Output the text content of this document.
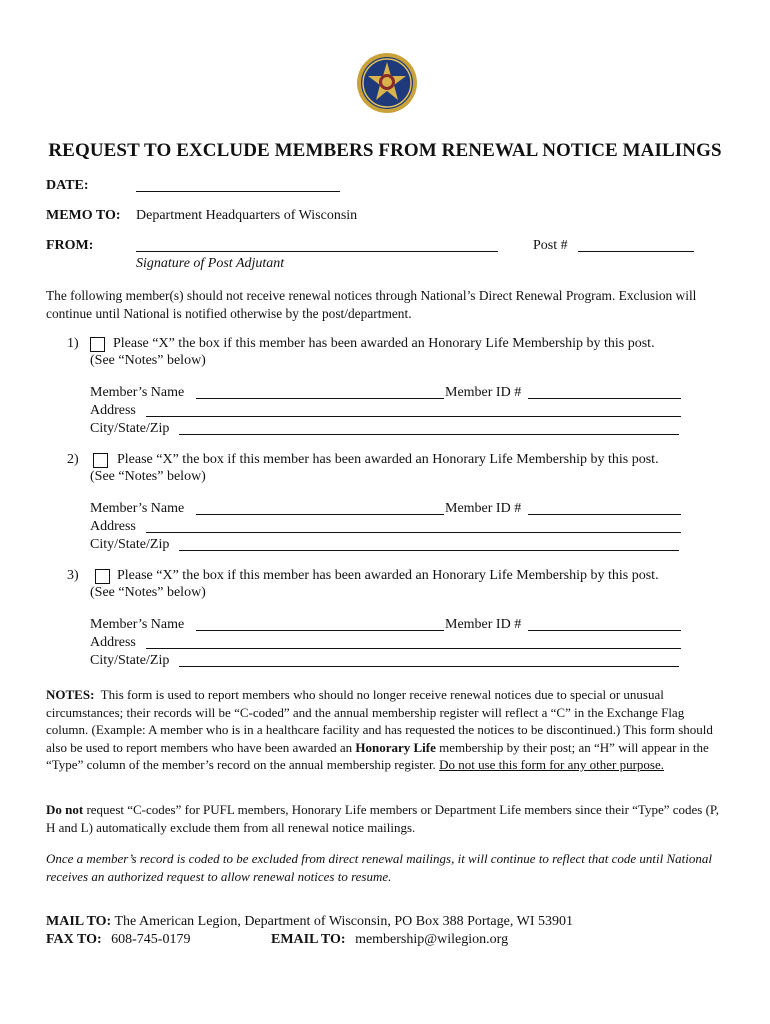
REQUEST TO EXCLUDE MEMBERS FROM RENEWAL NOTICE MAILINGS
DATE:
MEMO TO: Department Headquarters of Wisconsin
FROM:	Post #
Signature of Post Adjutant
The following member(s) should not receive renewal notices through National’s Direct Renewal Program. Exclusion will continue until National is notified otherwise by the post/department.
1) Please “X” the box if this member has been awarded an Honorary Life Membership by this post.
(See “Notes” below)
Member’s Name	Member ID #
Address
City/State/Zip
2)	Please “X” the box if this member has been awarded an Honorary Life Membership by this post.
(See “Notes” below)
Member’s Name	Member ID #
Address
City/State/Zip
3)	Please “X” the box if this member has been awarded an Honorary Life Membership by this post.
(See “Notes” below)
Member’s Name	Member ID #
Address
City/State/Zip
NOTES: This form is used to report members who should no longer receive renewal notices due to special or unusual circumstances; their records will be “C-coded” and the annual membership register will reflect a “C” in the Exchange Flag column. (Example: A member who is in a healthcare facility and has requested the notices to be discontinued.) This form should also be used to report members who have been awarded an Honorary Life membership by their post; an “H” will appear in the “Type” column of the member’s record on the annual membership register. Do not use this form for any other purpose.
Do not request “C-codes” for PUFL members, Honorary Life members or Department Life members since their “Type” codes (P, H and L) automatically exclude them from all renewal notice mailings.
Once a member’s record is coded to be excluded from direct renewal mailings, it will continue to reflect that code until National receives an authorized request to allow renewal notices to resume.
MAIL TO: The American Legion, Department of Wisconsin, PO Box 388 Portage, WI 53901
FAX TO: 608-745-0179	EMAIL TO: membership@wilegion.org
